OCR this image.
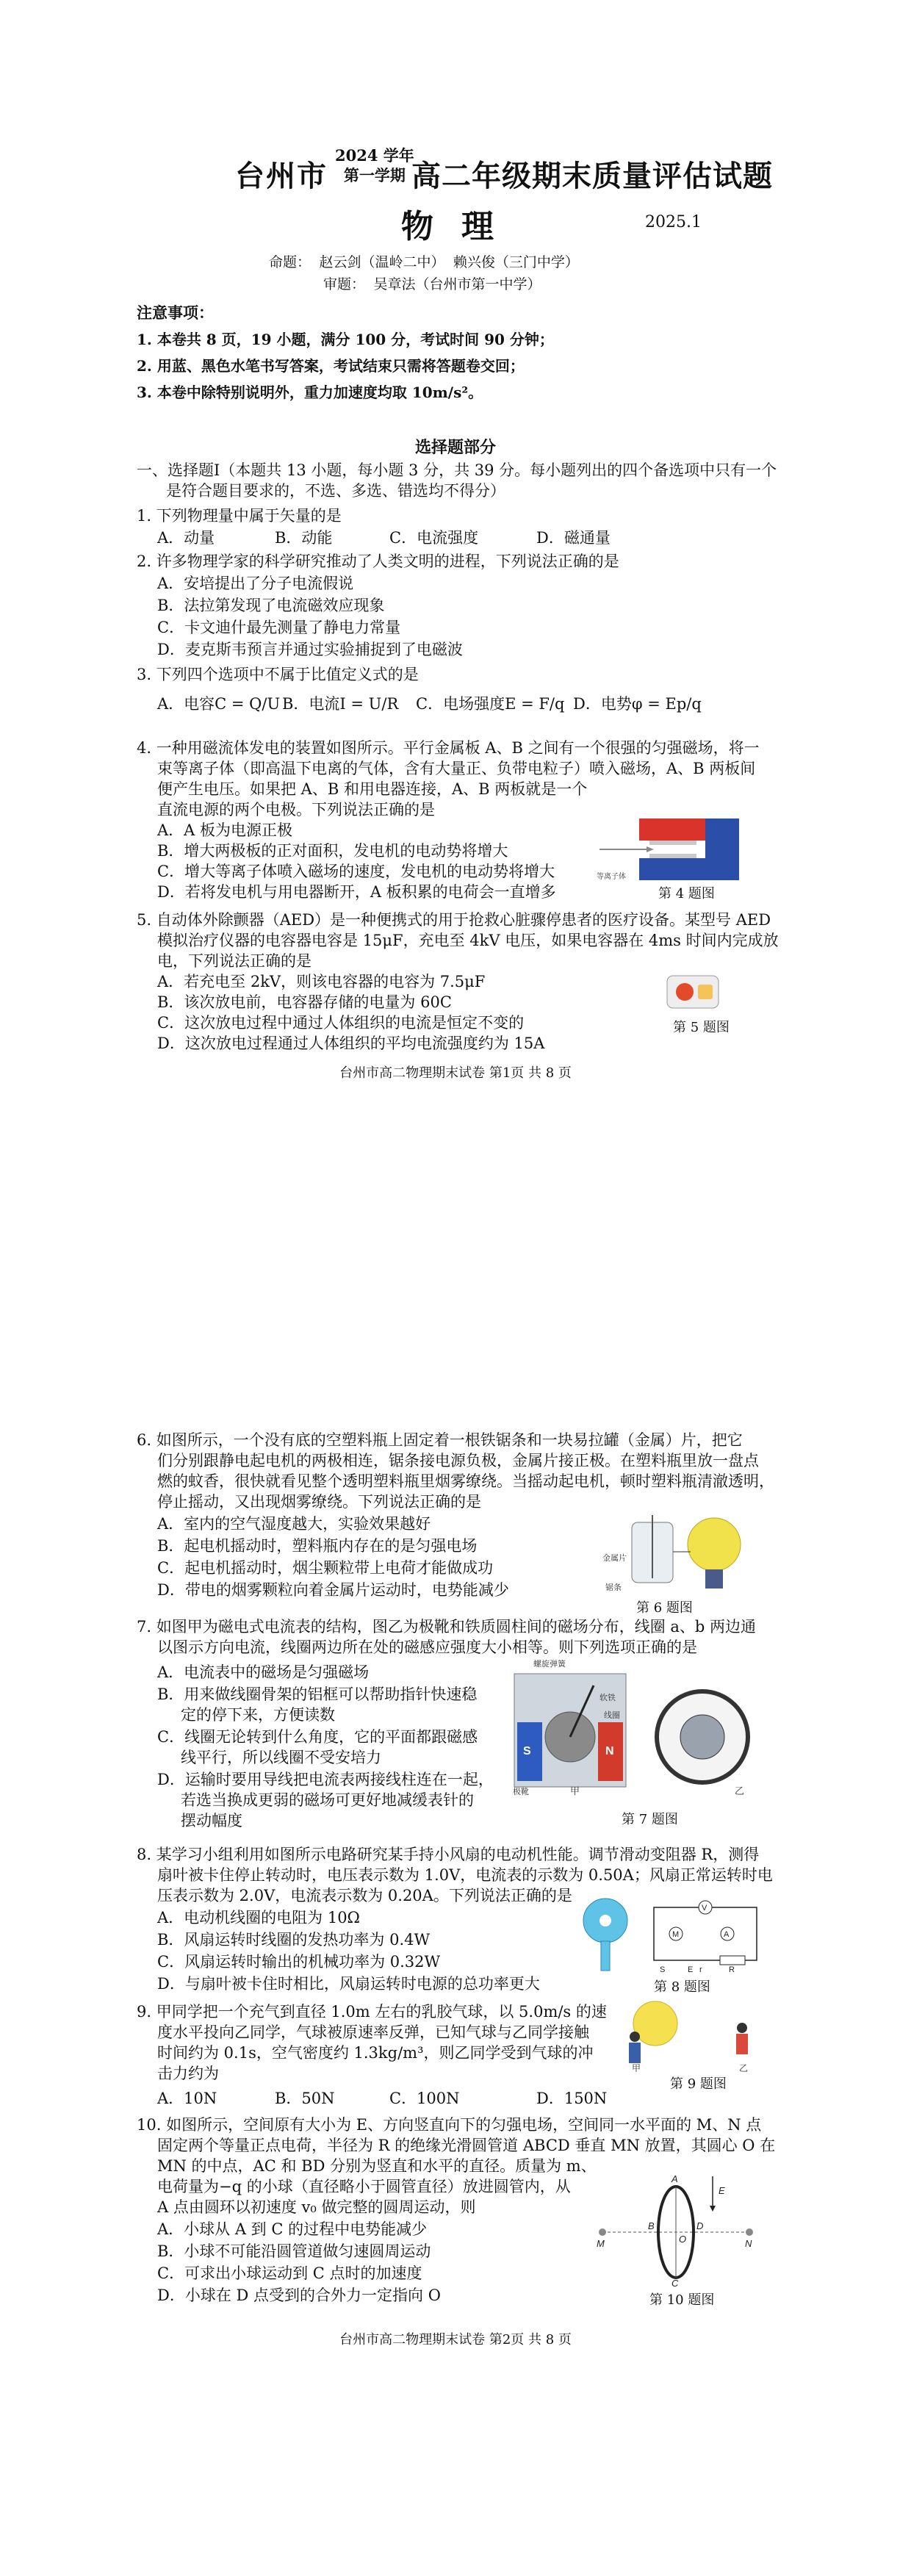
台州市
2024 学年
第一学期 高二年级期末质量评估试题
物理	2025.1
命题： 赵云剑（温岭二中） 赖兴俊（三门中学）
审题： 吴章法（台州市第一中学）
注意事项：
1. 本卷共 8 页，19 小题，满分 100 分，考试时间 90 分钟；
2. 用蓝、黑色水笔书写答案，考试结束只需将答题卷交回；
3. 本卷中除特别说明外，重力加速度均取 10m/s²。
选择题部分
一、选择题Ⅰ（本题共 13 小题，每小题 3 分，共 39 分。每小题列出的四个备选项中只有一个
是符合题目要求的，不选、多选、错选均不得分）
1. 下列物理量中属于矢量的是
A．动量	B．动能	C．电流强度	D．磁通量
2. 许多物理学家的科学研究推动了人类文明的进程，下列说法正确的是
A．安培提出了分子电流假说
B．法拉第发现了电流磁效应现象
C．卡文迪什最先测量了静电力常量
D．麦克斯韦预言并通过实验捕捉到了电磁波
3. 下列四个选项中不属于比值定义式的是
A．电容C = Q/U B．电流I = U/R C．电场强度E = F/q D．电势φ = Ep/q
4. 一种用磁流体发电的装置如图所示。平行金属板 A、B 之间有一个很强的匀强磁场，将一
束等离子体（即高温下电离的气体，含有大量正、负带电粒子）喷入磁场，A、B 两板间
便产生电压。如果把 A、B 和用电器连接，A、B 两板就是一个
直流电源的两个电极。下列说法正确的是
A．A 板为电源正极
B．增大两极板的正对面积，发电机的电动势将增大
C．增大等离子体喷入磁场的速度，发电机的电动势将增大
D．若将发电机与用电器断开，A 板积累的电荷会一直增多
等离子体
第 4 题图
5. 自动体外除颤器（AED）是一种便携式的用于抢救心脏骤停患者的医疗设备。某型号 AED
模拟治疗仪器的电容器电容是 15μF，充电至 4kV 电压，如果电容器在 4ms 时间内完成放
电，下列说法正确的是
A．若充电至 2kV，则该电容器的电容为 7.5μF
B．该次放电前，电容器存储的电量为 60C
C．这次放电过程中通过人体组织的电流是恒定不变的
D．这次放电过程通过人体组织的平均电流强度约为 15A
第 5 题图
台州市高二物理期末试卷 第1页 共 8 页
6. 如图所示，一个没有底的空塑料瓶上固定着一根铁锯条和一块易拉罐（金属）片，把它
们分别跟静电起电机的两极相连，锯条接电源负极，金属片接正极。在塑料瓶里放一盘点
燃的蚊香，很快就看见整个透明塑料瓶里烟雾缭绕。当摇动起电机，顿时塑料瓶清澈透明，
停止摇动，又出现烟雾缭绕。下列说法正确的是
A．室内的空气湿度越大，实验效果越好
B．起电机摇动时，塑料瓶内存在的是匀强电场
C．起电机摇动时，烟尘颗粒带上电荷才能做成功
D．带电的烟雾颗粒向着金属片运动时，电势能减少
金属片
锯条
第 6 题图
7. 如图甲为磁电式电流表的结构，图乙为极靴和铁质圆柱间的磁场分布，线圈 a、b 两边通
以图示方向电流，线圈两边所在处的磁感应强度大小相等。则下列选项正确的是
A．电流表中的磁场是匀强磁场
B．用来做线圈骨架的铝框可以帮助指针快速稳
定的停下来，方便读数
C．线圈无论转到什么角度，它的平面都跟磁感
线平行，所以线圈不受安培力
D．运输时要用导线把电流表两接线柱连在一起，
若选当换成更弱的磁场可更好地减缓表针的
摆动幅度
螺旋弹簧
软铁
线圈
极靴
S	N
甲	乙
第 7 题图
8. 某学习小组利用如图所示电路研究某手持小风扇的电动机性能。调节滑动变阻器 R，测得
扇叶被卡住停止转动时，电压表示数为 1.0V，电流表的示数为 0.50A；风扇正常运转时电
压表示数为 2.0V，电流表示数为 0.20A。下列说法正确的是
A．电动机线圈的电阻为 10Ω
B．风扇运转时线圈的发热功率为 0.4W
C．风扇运转时输出的机械功率为 0.32W
D．与扇叶被卡住时相比，风扇运转时电源的总功率更大
V
A
M
S	E r	R
第 8 题图
9. 甲同学把一个充气到直径 1.0m 左右的乳胶气球，以 5.0m/s 的速
度水平投向乙同学，气球被原速率反弹，已知气球与乙同学接触
时间约为 0.1s，空气密度约 1.3kg/m³，则乙同学受到气球的冲
击力约为
A．10N	B．50N	C．100N	D．150N
甲	乙
第 9 题图
10. 如图所示，空间原有大小为 E、方向竖直向下的匀强电场，空间同一水平面的 M、N 点
固定两个等量正点电荷，半径为 R 的绝缘光滑圆管道 ABCD 垂直 MN 放置，其圆心 O 在
MN 的中点，AC 和 BD 分别为竖直和水平的直径。质量为 m、
电荷量为−q 的小球（直径略小于圆管直径）放进圆管内，从
A 点由圆环以初速度 v₀ 做完整的圆周运动，则
A．小球从 A 到 C 的过程中电势能减少
B．小球不可能沿圆管道做匀速圆周运动
C．可求出小球运动到 C 点时的加速度
D．小球在 D 点受到的合外力一定指向 O
A
B
C
D
O
M	N
E
第 10 题图
台州市高二物理期末试卷 第2页 共 8 页
